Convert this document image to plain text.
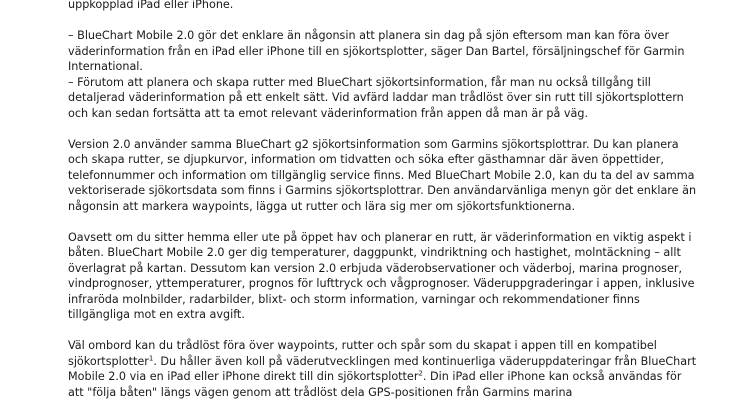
uppkopplad iPad eller iPhone.

– BlueChart Mobile 2.0 gör det enklare än någonsin att planera sin dag på sjön eftersom man kan föra över väderinformation från en iPad eller iPhone till en sjökortsplotter, säger Dan Bartel, försäljningschef för Garmin International.

– Förutom att planera och skapa rutter med BlueChart sjökortsinformation, får man nu också tillgång till detaljerad väderinformation på ett enkelt sätt. Vid avfärd laddar man trådlöst över sin rutt till sjökortsplottern och kan sedan fortsätta att ta emot relevant väderinformation från appen då man är på väg.

Version 2.0 använder samma BlueChart g2 sjökortsinformation som Garmins sjökortsplottrar. Du kan planera och skapa rutter, se djupkurvor, information om tidvatten och söka efter gästhamnar där även öppettider, telefonnummer och information om tillgänglig service finns. Med BlueChart Mobile 2.0, kan du ta del av samma vektoriserade sjökortsdata som finns i Garmins sjökortsplottrar. Den användarvänliga menyn gör det enklare än någonsin att markera waypoints, lägga ut rutter och lära sig mer om sjökortsfunktionerna.

Oavsett om du sitter hemma eller ute på öppet hav och planerar en rutt, är väderinformation en viktig aspekt i båten. BlueChart Mobile 2.0 ger dig temperaturer, daggpunkt, vindriktning och hastighet, molntäckning – allt överlagrat på kartan. Dessutom kan version 2.0 erbjuda väderobservationer och väderboj, marina prognoser, vindprognoser, yttemperaturer, prognos för lufttryck och vågprognoser. Väderuppgraderingar i appen, inklusive infraröda molnbilder, radarbilder, blixt- och storm information, varningar och rekommendationer finns tillgängliga mot en extra avgift.

Väl ombord kan du trådlöst föra över waypoints, rutter och spår som du skapat i appen till en kompatibel sjökortsplotter$^1$. Du håller även koll på väderutvecklingen med kontinuerliga väderuppdateringar från BlueChart Mobile 2.0 via en iPad eller iPhone direkt till din sjökortsplotter$^2$. Din iPad eller iPhone kan också användas för att "följa båten" längs vägen genom att trådlöst dela GPS-positionen från Garmins marina
